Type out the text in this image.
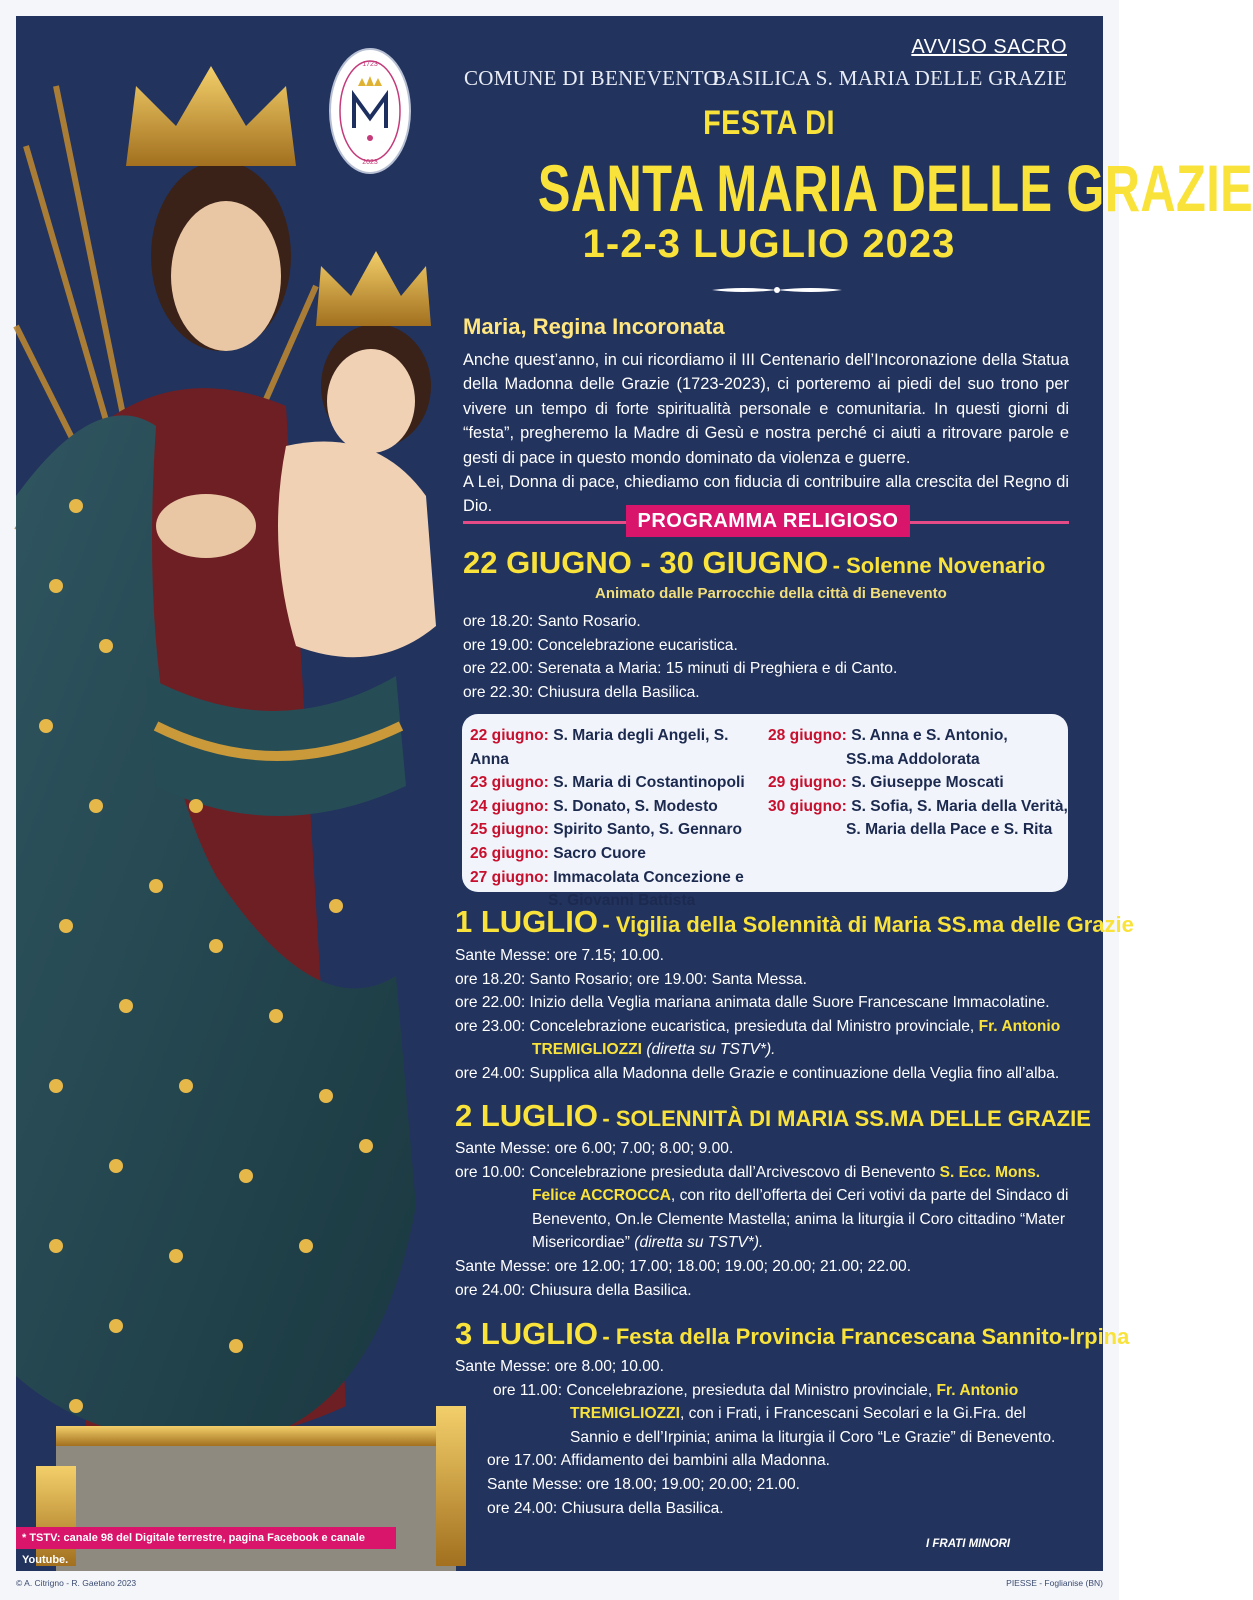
1723
2023
AVVISO SACRO
COMUNE DI BENEVENTO
BASILICA S. MARIA DELLE GRAZIE
FESTA DI
SANTA MARIA DELLE GRAZIE
1-2-3 LUGLIO 2023
Maria, Regina Incoronata
Anche quest’anno, in cui ricordiamo il III Centenario dell’Incoronazione della Statua della Madonna delle Grazie (1723-2023), ci porteremo ai piedi del suo trono per vivere un tempo di forte spiritualità personale e comunitaria. In questi giorni di “festa”, pregheremo la Madre di Gesù e nostra perché ci aiuti a ritrovare parole e gesti di pace in questo mondo dominato da violenza e guerre.
A Lei, Donna di pace, chiediamo con fiducia di contribuire alla crescita del Regno di Dio.
PROGRAMMA RELIGIOSO
22 GIUGNO - 30 GIUGNO - Solenne Novenario
Animato dalle Parrocchie della città di Benevento
ore 18.20: Santo Rosario.
ore 19.00: Concelebrazione eucaristica.
ore 22.00: Serenata a Maria: 15 minuti di Preghiera e di Canto.
ore 22.30: Chiusura della Basilica.
22 giugno: S. Maria degli Angeli, S. Anna
23 giugno: S. Maria di Costantinopoli
24 giugno: S. Donato, S. Modesto
25 giugno: Spirito Santo, S. Gennaro
26 giugno: Sacro Cuore
27 giugno: Immacolata Concezione e
S. Giovanni Battista
28 giugno: S. Anna e S. Antonio,
SS.ma Addolorata
29 giugno: S. Giuseppe Moscati
30 giugno: S. Sofia, S. Maria della Verità,
S. Maria della Pace e S. Rita
1 LUGLIO - Vigilia della Solennità di Maria SS.ma delle Grazie
Sante Messe: ore 7.15; 10.00.
ore 18.20: Santo Rosario; ore 19.00: Santa Messa.
ore 22.00: Inizio della Veglia mariana animata dalle Suore Francescane Immacolatine.
ore 23.00: Concelebrazione eucaristica, presieduta dal Ministro provinciale, Fr. Antonio TREMIGLIOZZI (diretta su TSTV*).
ore 24.00: Supplica alla Madonna delle Grazie e continuazione della Veglia fino all’alba.
2 LUGLIO - SOLENNITÀ DI MARIA SS.MA DELLE GRAZIE
Sante Messe: ore 6.00; 7.00; 8.00; 9.00.
ore 10.00: Concelebrazione presieduta dall’Arcivescovo di Benevento S. Ecc. Mons. Felice ACCROCCA, con rito dell’offerta dei Ceri votivi da parte del Sindaco di Benevento, On.le Clemente Mastella; anima la liturgia il Coro cittadino “Mater Misericordiae” (diretta su TSTV*).
Sante Messe: ore 12.00; 17.00; 18.00; 19.00; 20.00; 21.00; 22.00.
ore 24.00: Chiusura della Basilica.
3 LUGLIO - Festa della Provincia Francescana Sannito-Irpina
Sante Messe: ore 8.00; 10.00.
ore 11.00: Concelebrazione, presieduta dal Ministro provinciale, Fr. Antonio TREMIGLIOZZI, con i Frati, i Francescani Secolari e la Gi.Fra. del Sannio e dell’Irpinia; anima la liturgia il Coro “Le Grazie” di Benevento.
ore 17.00: Affidamento dei bambini alla Madonna.
Sante Messe: ore 18.00; 19.00; 20.00; 21.00.
ore 24.00: Chiusura della Basilica.
* TSTV: canale 98 del Digitale terrestre, pagina Facebook e canale Youtube.
I FRATI MINORI
© A. Citrigno - R. Gaetano 2023	PIESSE - Foglianise (BN)
